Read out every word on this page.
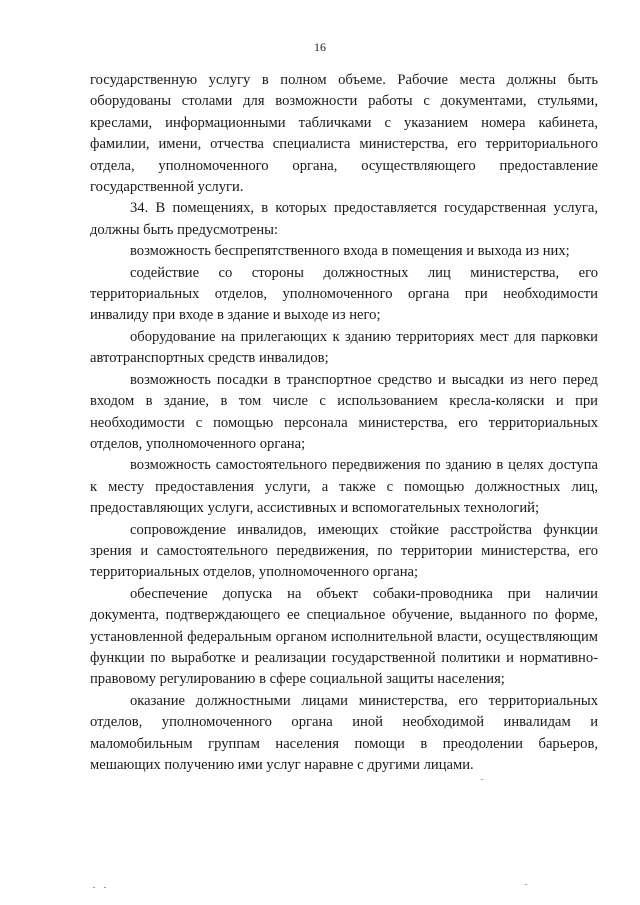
16

государственную услугу в полном объеме. Рабочие места должны быть оборудованы столами для возможности работы с документами, стульями, креслами, информационными табличками с указанием номера кабинета, фамилии, имени, отчества специалиста министерства, его территориального отдела, уполномоченного органа, осуществляющего предоставление государственной услуги.

34. В помещениях, в которых предоставляется государственная услуга, должны быть предусмотрены:

возможность беспрепятственного входа в помещения и выхода из них;

содействие со стороны должностных лиц министерства, его территориальных отделов, уполномоченного органа при необходимости инвалиду при входе в здание и выходе из него;

оборудование на прилегающих к зданию территориях мест для парковки автотранспортных средств инвалидов;

возможность посадки в транспортное средство и высадки из него перед входом в здание, в том числе с использованием кресла-коляски и при необходимости с помощью персонала министерства, его территориальных отделов, уполномоченного органа;

возможность самостоятельного передвижения по зданию в целях доступа к месту предоставления услуги, а также с помощью должностных лиц, предоставляющих услуги, ассистивных и вспомогательных технологий;

сопровождение инвалидов, имеющих стойкие расстройства функции зрения и самостоятельного передвижения, по территории министерства, его территориальных отделов, уполномоченного органа;

обеспечение допуска на объект собаки-проводника при наличии документа, подтверждающего ее специальное обучение, выданного по форме, установленной федеральным органом исполнительной власти, осуществляющим функции по выработке и реализации государственной политики и нормативно-правовому регулированию в сфере социальной защиты населения;

оказание должностными лицами министерства, его территориальных отделов, уполномоченного органа иной необходимой инвалидам и маломобильным группам населения помощи в преодолении барьеров, мешающих получению ими услуг наравне с другими лицами.
